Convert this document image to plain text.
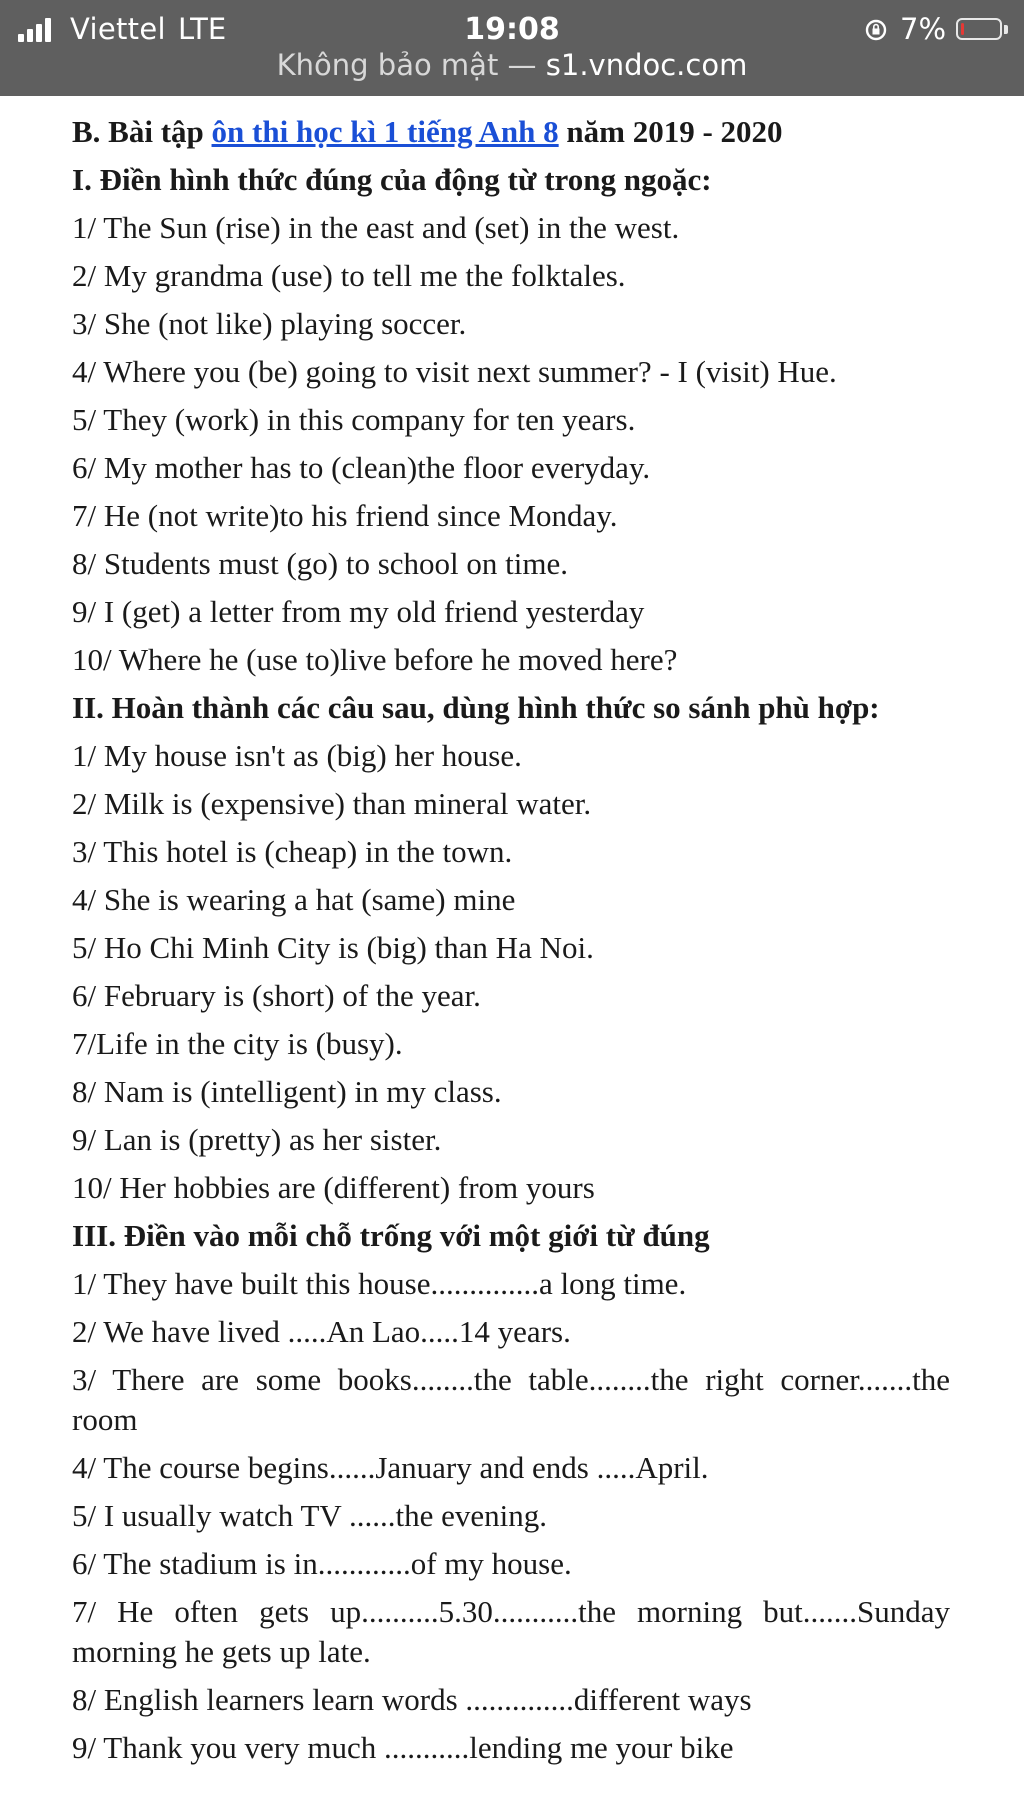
Viettel LTE	19:08	7%
Không bảo mật — s1.vndoc.com
B. Bài tập ôn thi học kì 1 tiếng Anh 8 năm 2019 - 2020
I. Điền hình thức đúng của động từ trong ngoặc:
1/ The Sun (rise) in the east and (set) in the west.
2/ My grandma (use) to tell me the folktales.
3/ She (not like) playing soccer.
4/ Where you (be) going to visit next summer? - I (visit) Hue.
5/ They (work) in this company for ten years.
6/ My mother has to (clean)the floor everyday.
7/ He (not write)to his friend since Monday.
8/ Students must (go) to school on time.
9/ I (get) a letter from my old friend yesterday
10/ Where he (use to)live before he moved here?
II. Hoàn thành các câu sau, dùng hình thức so sánh phù hợp:
1/ My house isn't as (big) her house.
2/ Milk is (expensive) than mineral water.
3/ This hotel is (cheap) in the town.
4/ She is wearing a hat (same) mine
5/ Ho Chi Minh City is (big) than Ha Noi.
6/ February is (short) of the year.
7/Life in the city is (busy).
8/ Nam is (intelligent) in my class.
9/ Lan is (pretty) as her sister.
10/ Her hobbies are (different) from yours
III. Điền vào mỗi chỗ trống với một giới từ đúng
1/ They have built this house..............a long time.
2/ We have lived .....An Lao.....14 years.
3/ There are some books........the table........the right corner.......the room
4/ The course begins......January and ends .....April.
5/ I usually watch TV ......the evening.
6/ The stadium is in............of my house.
7/ He often gets up..........5.30...........the morning but.......Sunday morning he gets up late.
8/ English learners learn words ..............different ways
9/ Thank you very much ...........lending me your bike
